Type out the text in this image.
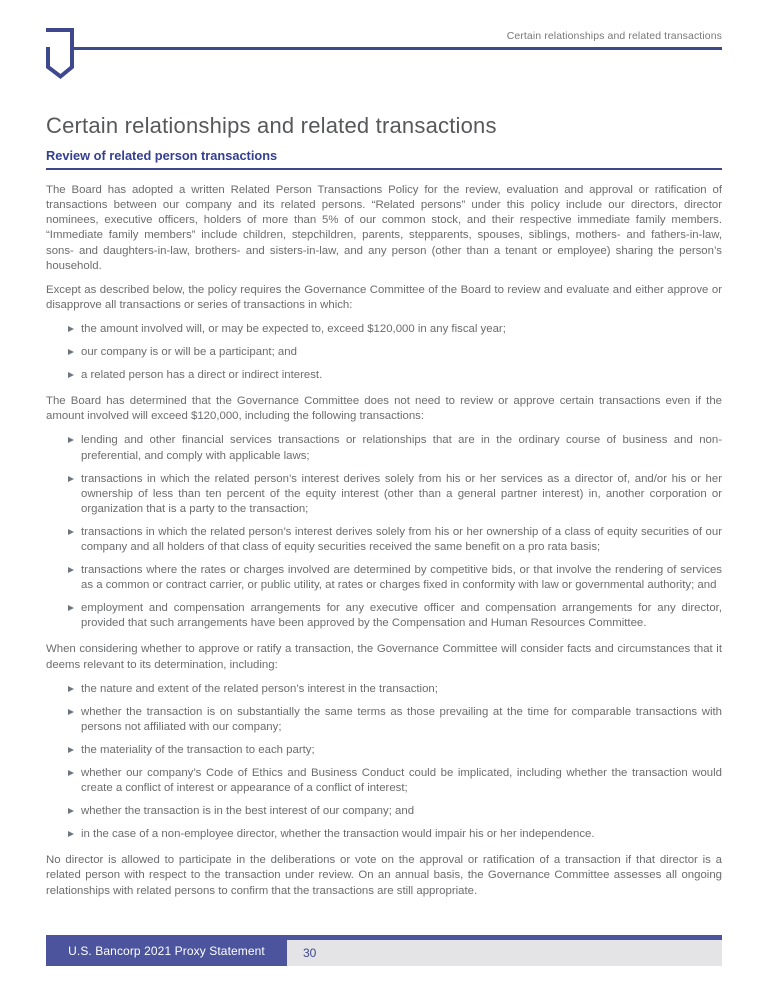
Certain relationships and related transactions
Certain relationships and related transactions
Review of related person transactions

The Board has adopted a written Related Person Transactions Policy for the review, evaluation and approval or ratification of transactions between our company and its related persons. “Related persons” under this policy include our directors, director nominees, executive officers, holders of more than 5% of our common stock, and their respective immediate family members. “Immediate family members” include children, stepchildren, parents, stepparents, spouses, siblings, mothers- and fathers-in-law, sons- and daughters-in-law, brothers- and sisters-in-law, and any person (other than a tenant or employee) sharing the person’s household.

Except as described below, the policy requires the Governance Committee of the Board to review and evaluate and either approve or disapprove all transactions or series of transactions in which:

the amount involved will, or may be expected to, exceed $120,000 in any fiscal year;
our company is or will be a participant; and
a related person has a direct or indirect interest.

The Board has determined that the Governance Committee does not need to review or approve certain transactions even if the amount involved will exceed $120,000, including the following transactions:

lending and other financial services transactions or relationships that are in the ordinary course of business and non-preferential, and comply with applicable laws;
transactions in which the related person’s interest derives solely from his or her services as a director of, and/or his or her ownership of less than ten percent of the equity interest (other than a general partner interest) in, another corporation or organization that is a party to the transaction;
transactions in which the related person’s interest derives solely from his or her ownership of a class of equity securities of our company and all holders of that class of equity securities received the same benefit on a pro rata basis;
transactions where the rates or charges involved are determined by competitive bids, or that involve the rendering of services as a common or contract carrier, or public utility, at rates or charges fixed in conformity with law or governmental authority; and
employment and compensation arrangements for any executive officer and compensation arrangements for any director, provided that such arrangements have been approved by the Compensation and Human Resources Committee.

When considering whether to approve or ratify a transaction, the Governance Committee will consider facts and circumstances that it deems relevant to its determination, including:

the nature and extent of the related person’s interest in the transaction;
whether the transaction is on substantially the same terms as those prevailing at the time for comparable transactions with persons not affiliated with our company;
the materiality of the transaction to each party;
whether our company’s Code of Ethics and Business Conduct could be implicated, including whether the transaction would create a conflict of interest or appearance of a conflict of interest;
whether the transaction is in the best interest of our company; and
in the case of a non-employee director, whether the transaction would impair his or her independence.

No director is allowed to participate in the deliberations or vote on the approval or ratification of a transaction if that director is a related person with respect to the transaction under review. On an annual basis, the Governance Committee assesses all ongoing relationships with related persons to confirm that the transactions are still appropriate.

U.S. Bancorp 2021 Proxy Statement	30
